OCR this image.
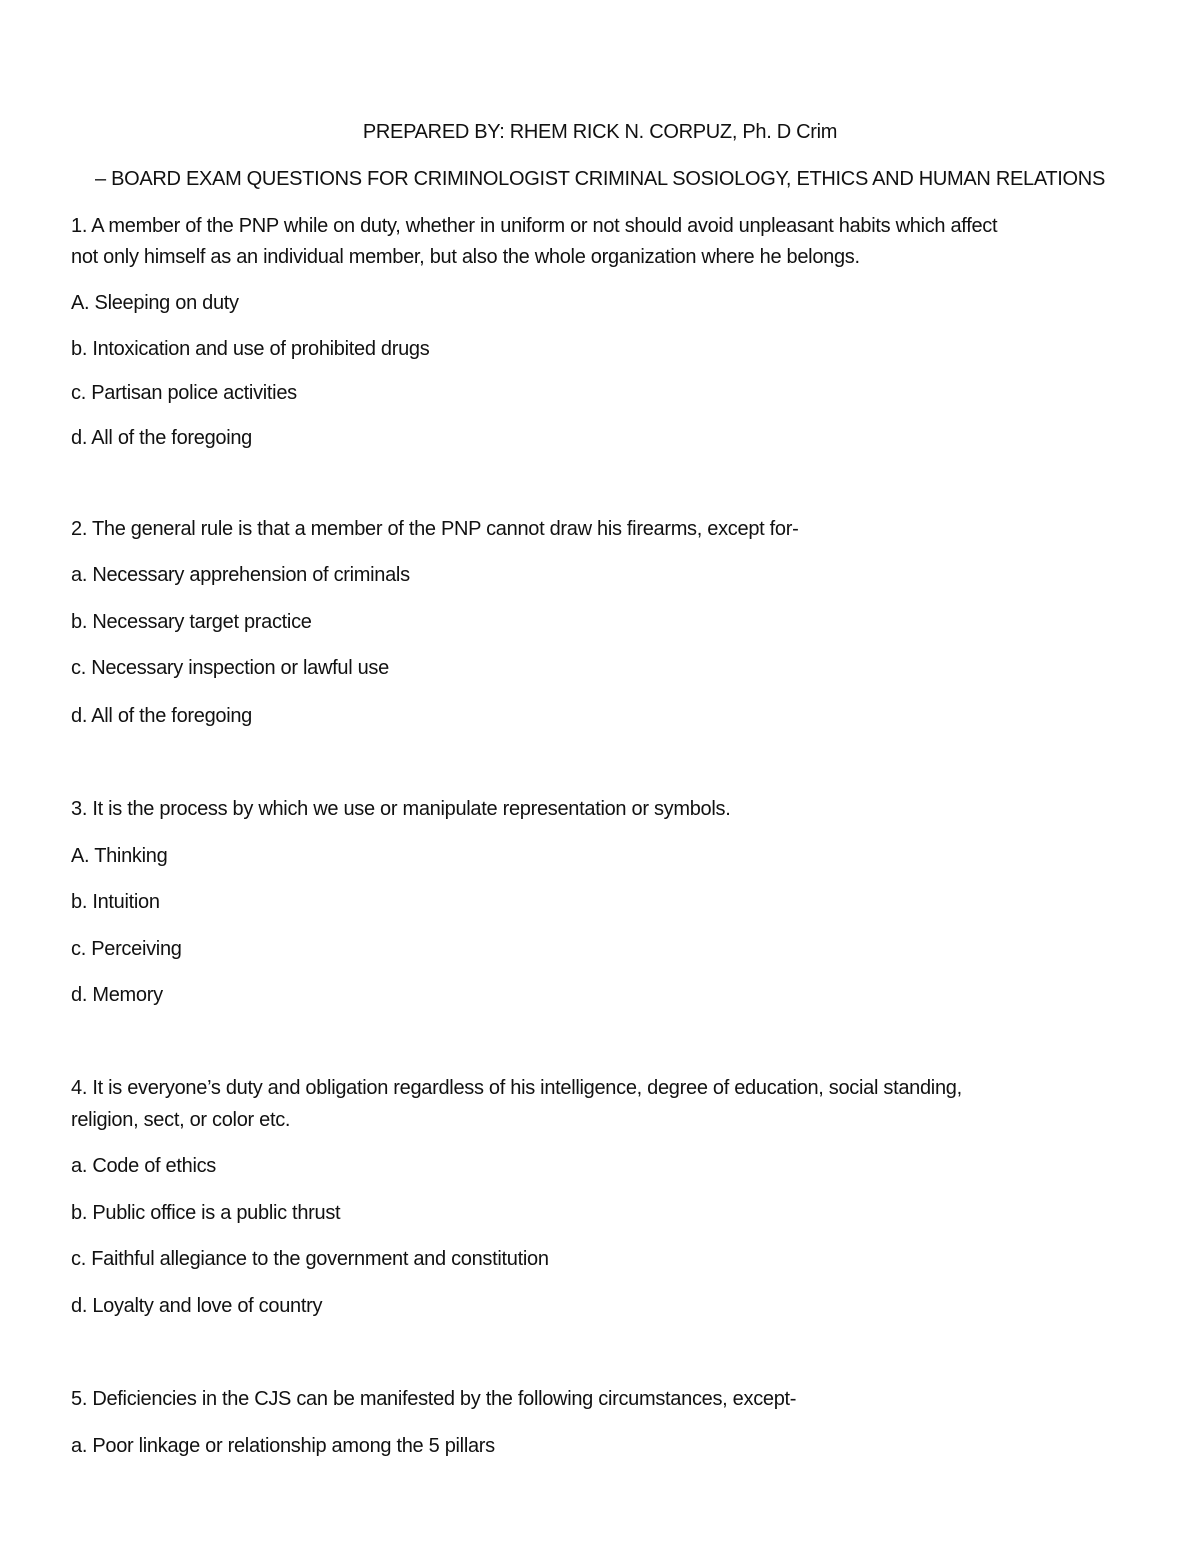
PREPARED BY: RHEM RICK N. CORPUZ, Ph. D Crim
– BOARD EXAM QUESTIONS FOR CRIMINOLOGIST CRIMINAL SOSIOLOGY, ETHICS AND HUMAN RELATIONS
1. A member of the PNP while on duty, whether in uniform or not should avoid unpleasant habits which affect
not only himself as an individual member, but also the whole organization where he belongs.
A. Sleeping on duty
b. Intoxication and use of prohibited drugs
c. Partisan police activities
d. All of the foregoing
2. The general rule is that a member of the PNP cannot draw his firearms, except for-
a. Necessary apprehension of criminals
b. Necessary target practice
c. Necessary inspection or lawful use
d. All of the foregoing
3. It is the process by which we use or manipulate representation or symbols.
A. Thinking
b. Intuition
c. Perceiving
d. Memory
4. It is everyone’s duty and obligation regardless of his intelligence, degree of education, social standing,
religion, sect, or color etc.
a. Code of ethics
b. Public office is a public thrust
c. Faithful allegiance to the government and constitution
d. Loyalty and love of country
5. Deficiencies in the CJS can be manifested by the following circumstances, except-
a. Poor linkage or relationship among the 5 pillars
